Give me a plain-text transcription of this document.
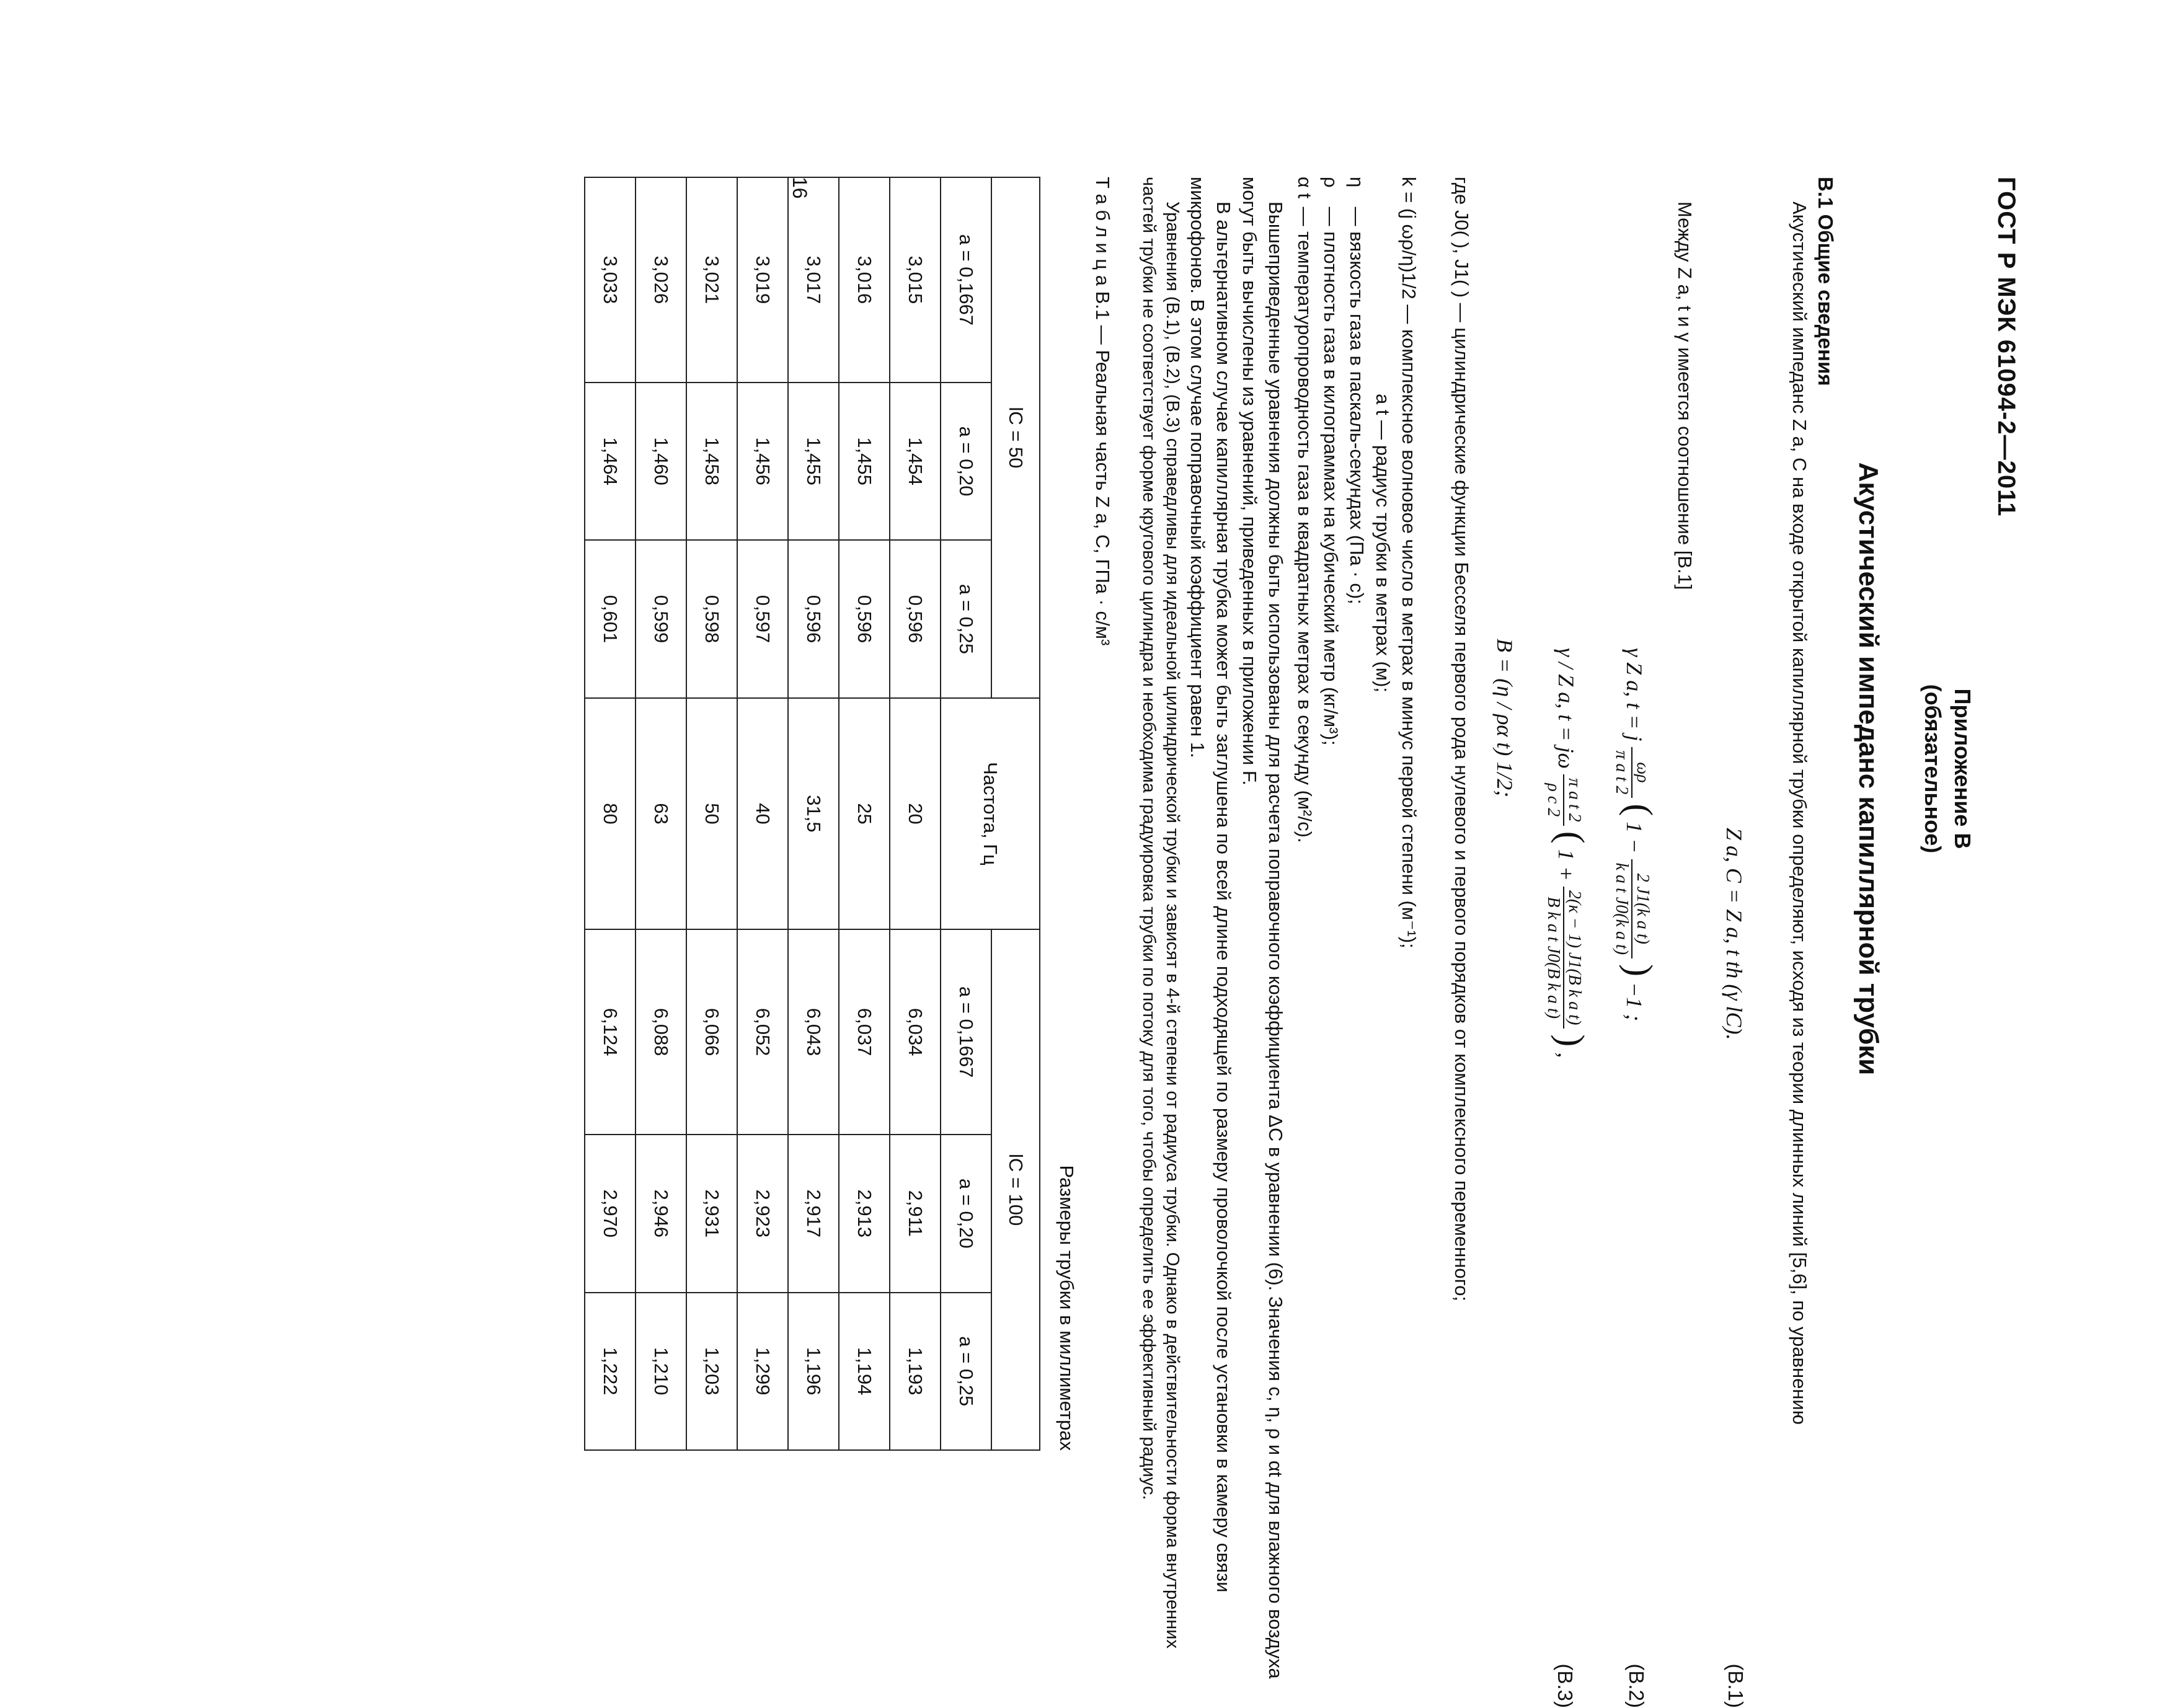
ГОСТ Р МЭК 61094-2—2011
Приложение В
(обязательное)
Акустический импеданс капиллярной трубки
В.1 Общие сведения
Акустический импеданс Z a, C на входе открытой капиллярной трубки определяют, исходя из теории длинных линий [5,6], по уравнению
Z a, C = Z a, t th (γ lC).
(В.1)
Между Z a, t и γ имеется соотношение [В.1]
γ Z a, t = j
ωρ
π a t 2
( 1 −
2 J1(k a t)
k a t J0(k a t)
) −1 ;
(В.2)
γ / Z a, t = jω
π a t 2
ρ c 2
( 1 +
2(κ − 1) J1(B k a t)
B k a t J0(B k a t)
) ,
(В.3)
B = (η / ρα t) 1/2;
где J0( ), J1( ) — цилиндрические функции Бесселя первого рода нулевого и первого порядков от комплексного переменного;
k = (j ωρ/η)1/2 — комплексное волновое число в метрах в минус первой степени (м⁻¹);
a t — радиус трубки в метрах (м);
η — вязкость газа в паскаль-секундах (Па · с);
ρ — плотность газа в килограммах на кубический метр (кг/м³);
α t — температуропроводность газа в квадратных метрах в секунду (м²/с).
Вышеприведенные уравнения должны быть использованы для расчета поправочного коэффициента ΔC в уравнении (6). Значения c, η, ρ и αt для влажного воздуха могут быть вычислены из уравнений, приведенных в приложении F.
В альтернативном случае капиллярная трубка может быть заглушена по всей длине подходящей по размеру проволочкой после установки в камеру связи микрофонов. В этом случае поправочный коэффициент равен 1.
Уравнения (В.1), (В.2), (В.3) справедливы для идеальной цилиндрической трубки и зависят в 4-й степени от радиуса трубки. Однако в действительности форма внутренних частей трубки не соответствует форме кругового цилиндра и необходима градуировка трубки по потоку для того, чтобы определить ее эффективный радиус.
Т а б л и ц а В.1 — Реальная часть Z a, C, ГПа · с/м³
Размеры трубки в миллиметрах
lC = 50			Частота, Гц	lC = 100		
a = 0,1667	a = 0,20	a = 0,25		a = 0,1667	a = 0,20	a = 0,25
3,015	1,454	0,596	20	6,034	2,911	1,193
3,016	1,455	0,596	25	6,037	2,913	1,194
3,017	1,455	0,596	31,5	6,043	2,917	1,196
3,019	1,456	0,597	40	6,052	2,923	1,299
3,021	1,458	0,598	50	6,066	2,931	1,203
3,026	1,460	0,599	63	6,088	2,946	1,210
3,033	1,464	0,601	80	6,124	2,970	1,222
16
